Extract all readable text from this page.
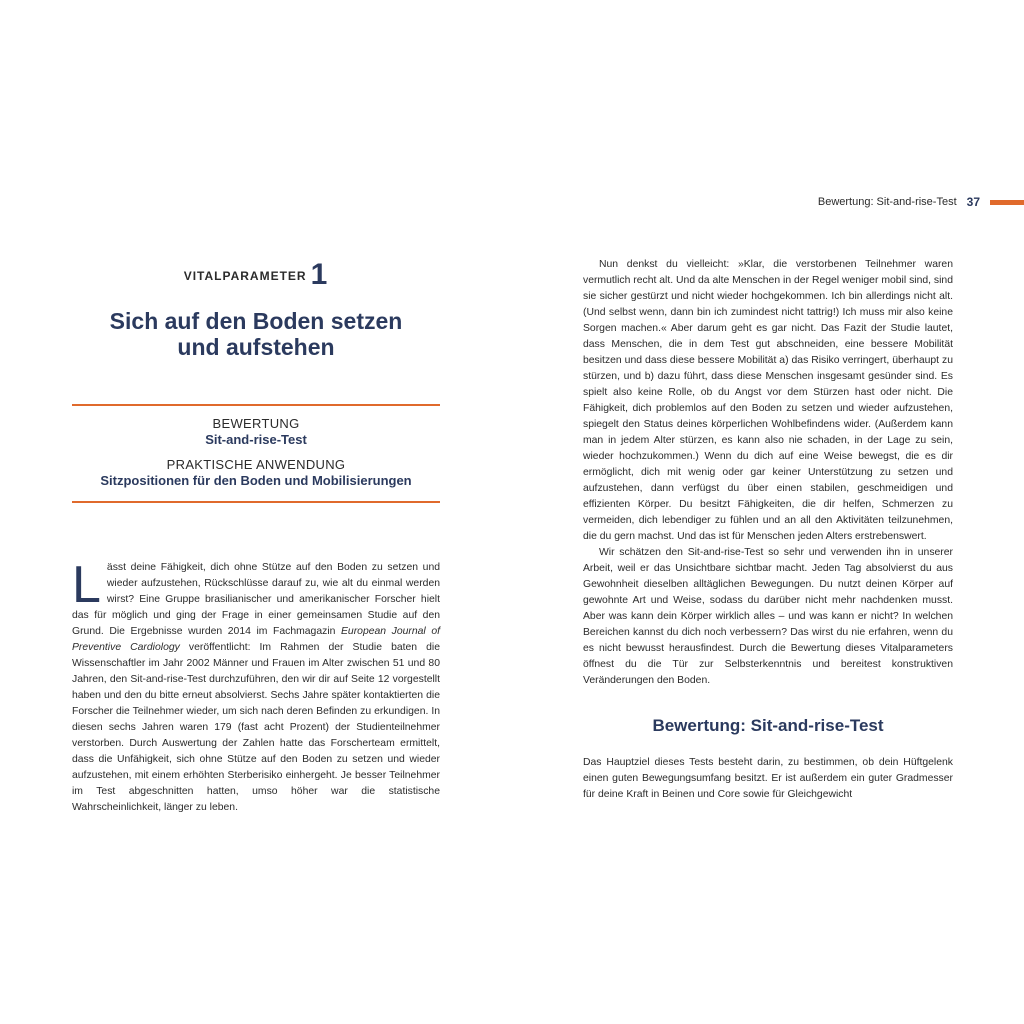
Bewertung: Sit-and-rise-Test 37
VITALPARAMETER 1
Sich auf den Boden setzen
und aufstehen
BEWERTUNG
Sit-and-rise-Test
PRAKTISCHE ANWENDUNG
Sitzpositionen für den Boden und Mobilisierungen
Lässt deine Fähigkeit, dich ohne Stütze auf den Boden zu setzen und wieder aufzustehen, Rückschlüsse darauf zu, wie alt du einmal werden wirst? Eine Gruppe brasilianischer und amerikanischer Forscher hielt das für möglich und ging der Frage in einer gemeinsamen Studie auf den Grund. Die Ergebnisse wurden 2014 im Fachmagazin European Journal of Preventive Cardiology veröffentlicht: Im Rahmen der Studie baten die Wissenschaftler im Jahr 2002 Männer und Frauen im Alter zwischen 51 und 80 Jahren, den Sit-and-rise-Test durchzuführen, den wir dir auf Seite 12 vorgestellt haben und den du bitte erneut absolvierst. Sechs Jahre später kontaktierten die Forscher die Teilnehmer wieder, um sich nach deren Befinden zu erkundigen. In diesen sechs Jahren waren 179 (fast acht Prozent) der Studienteilnehmer verstorben. Durch Auswertung der Zahlen hatte das Forscherteam ermittelt, dass die Unfähigkeit, sich ohne Stütze auf den Boden zu setzen und wieder aufzustehen, mit einem erhöhten Sterberisiko einhergeht. Je besser Teilnehmer im Test abgeschnitten hatten, umso höher war die statistische Wahrscheinlichkeit, länger zu leben.

Nun denkst du vielleicht: »Klar, die verstorbenen Teilnehmer waren vermutlich recht alt. Und da alte Menschen in der Regel weniger mobil sind, sind sie sicher gestürzt und nicht wieder hochgekommen. Ich bin allerdings nicht alt. (Und selbst wenn, dann bin ich zumindest nicht tattrig!) Ich muss mir also keine Sorgen machen.« Aber darum geht es gar nicht. Das Fazit der Studie lautet, dass Menschen, die in dem Test gut abschneiden, eine bessere Mobilität besitzen und dass diese bessere Mobilität a) das Risiko verringert, überhaupt zu stürzen, und b) dazu führt, dass diese Menschen insgesamt gesünder sind. Es spielt also keine Rolle, ob du Angst vor dem Stürzen hast oder nicht. Die Fähigkeit, dich problemlos auf den Boden zu setzen und wieder aufzustehen, spiegelt den Status deines körperlichen Wohlbefindens wider. (Außerdem kann man in jedem Alter stürzen, es kann also nie schaden, in der Lage zu sein, wieder hochzukommen.) Wenn du dich auf eine Weise bewegst, die es dir ermöglicht, dich mit wenig oder gar keiner Unterstützung zu setzen und aufzustehen, dann verfügst du über einen stabilen, geschmeidigen und effizienten Körper. Du besitzt Fähigkeiten, die dir helfen, Schmerzen zu vermeiden, dich lebendiger zu fühlen und an all den Aktivitäten teilzunehmen, die du gern machst. Und das ist für Menschen jeden Alters erstrebenswert.

Wir schätzen den Sit-and-rise-Test so sehr und verwenden ihn in unserer Arbeit, weil er das Unsichtbare sichtbar macht. Jeden Tag absolvierst du aus Gewohnheit dieselben alltäglichen Bewegungen. Du nutzt deinen Körper auf gewohnte Art und Weise, sodass du darüber nicht mehr nachdenken musst. Aber was kann dein Körper wirklich alles – und was kann er nicht? In welchen Bereichen kannst du dich noch verbessern? Das wirst du nie erfahren, wenn du es nicht bewusst herausfindest. Durch die Bewertung dieses Vitalparameters öffnest du die Tür zur Selbsterkenntnis und bereitest konstruktiven Veränderungen den Boden.

Bewertung: Sit-and-rise-Test

Das Hauptziel dieses Tests besteht darin, zu bestimmen, ob dein Hüftgelenk einen guten Bewegungsumfang besitzt. Er ist außerdem ein guter Gradmesser für deine Kraft in Beinen und Core sowie für Gleichgewicht
